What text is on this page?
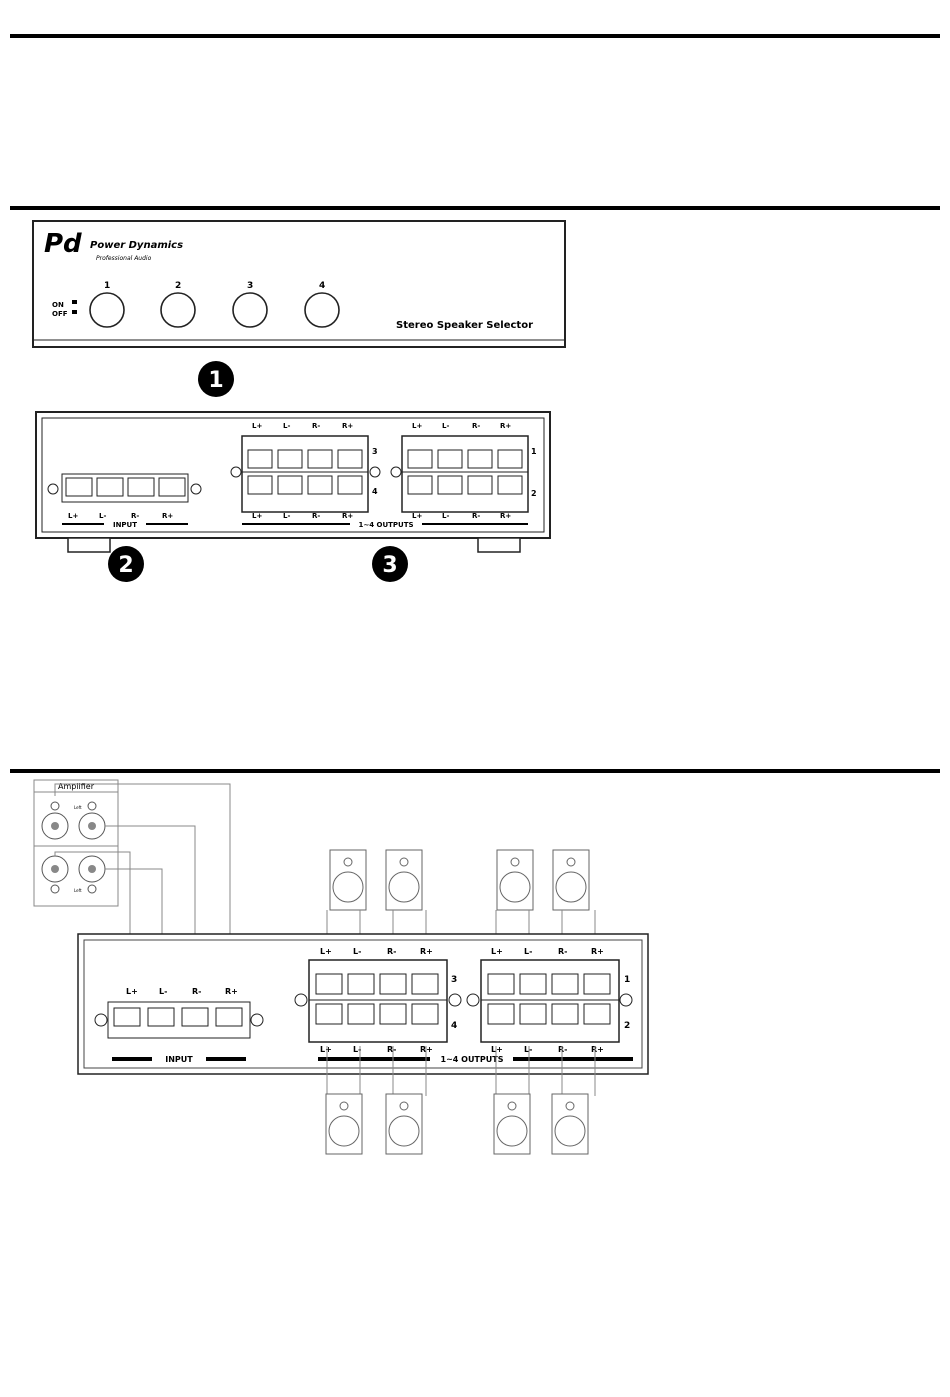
Pd Power Dynamics
Professional Audio
ON
OFF
1	2	3	4
Stereo Speaker Selector
1
L+	L-	R-	R+
INPUT
L+	L-	R-	R+
3
4
L+	L-	R-	R+
L+	L-	R-	R+
1
2
L+	L-	R-	R+
1~4 OUTPUTS
2	3
Amplifier
Left
Left
L+	L-	R-	R+
INPUT
L+	L-	R-	R+
3
4
L+	L-	R-	R+
L+	L-	R-	R+
1
2
L+	L-	R-	R+
1~4 OUTPUTS
